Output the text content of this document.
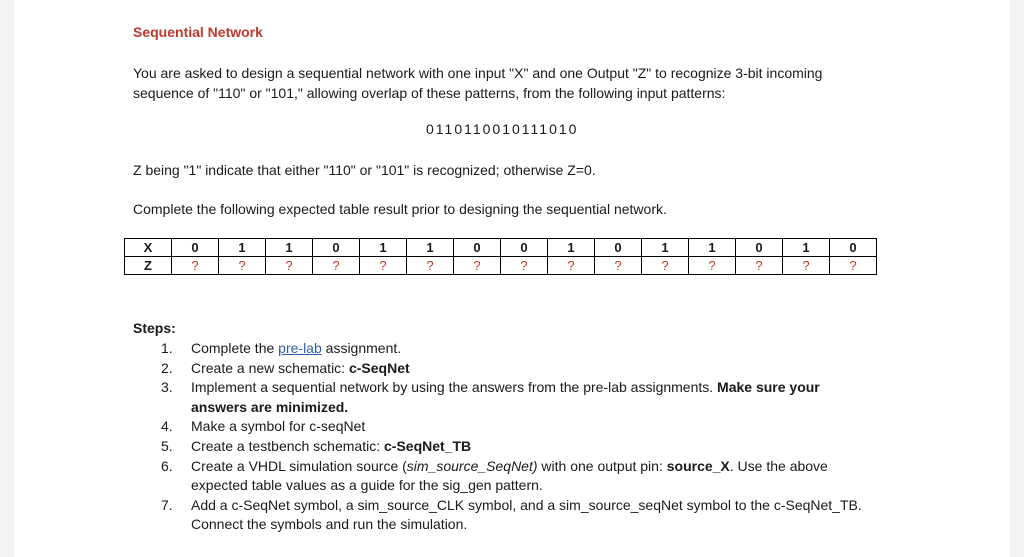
Sequential Network
You are asked to design a sequential network with one input "X" and one Output "Z" to recognize 3-bit incoming
sequence of "110" or "101," allowing overlap of these patterns, from the following input patterns:
0110110010111010
Z being "1" indicate that either "110" or "101" is recognized; otherwise Z=0.
Complete the following expected table result prior to designing the sequential network.
X	0	1	1	0	1	1	0	0	1	0	1	1	0	1	0
Z	?	?	?	?	?	?	?	?	?	?	?	?	?	?	?
Steps:
1. Complete the pre-lab assignment.
2. Create a new schematic: c-SeqNet
3. Implement a sequential network by using the answers from the pre-lab assignments. Make sure your
answers are minimized.
4. Make a symbol for c-seqNet
5. Create a testbench schematic: c-SeqNet_TB
6. Create a VHDL simulation source (sim_source_SeqNet) with one output pin: source_X. Use the above
expected table values as a guide for the sig_gen pattern.
7. Add a c-SeqNet symbol, a sim_source_CLK symbol, and a sim_source_seqNet symbol to the c-SeqNet_TB.
Connect the symbols and run the simulation.
